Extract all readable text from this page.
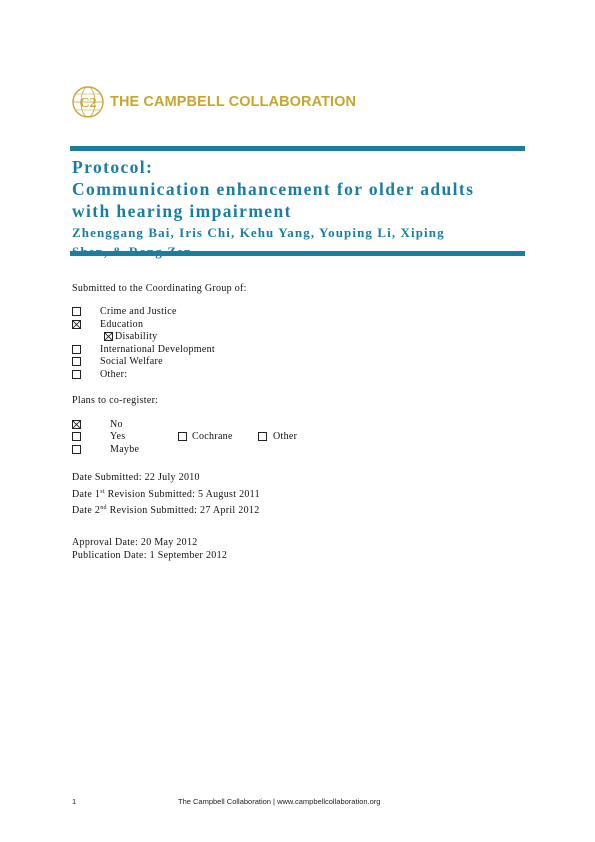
C2 THE CAMPBELL COLLABORATION
Protocol:
Communication enhancement for older adults
with hearing impairment
Zhenggang Bai, Iris Chi, Kehu Yang, Youping Li, Xiping
Submitted to the Coordinating Group of:
Crime and Justice
Education
Disability
International Development
Social Welfare
Other:
Plans to co-register:
No
Yes	Cochrane	Other
Maybe
Date Submitted: 22 July 2010
Date 1st Revision Submitted: 5 August 2011
Date 2nd Revision Submitted: 27 April 2012
Approval Date: 20 May 2012
Publication Date: 1 September 2012
1	The Campbell Collaboration | www.campbellcollaboration.org
